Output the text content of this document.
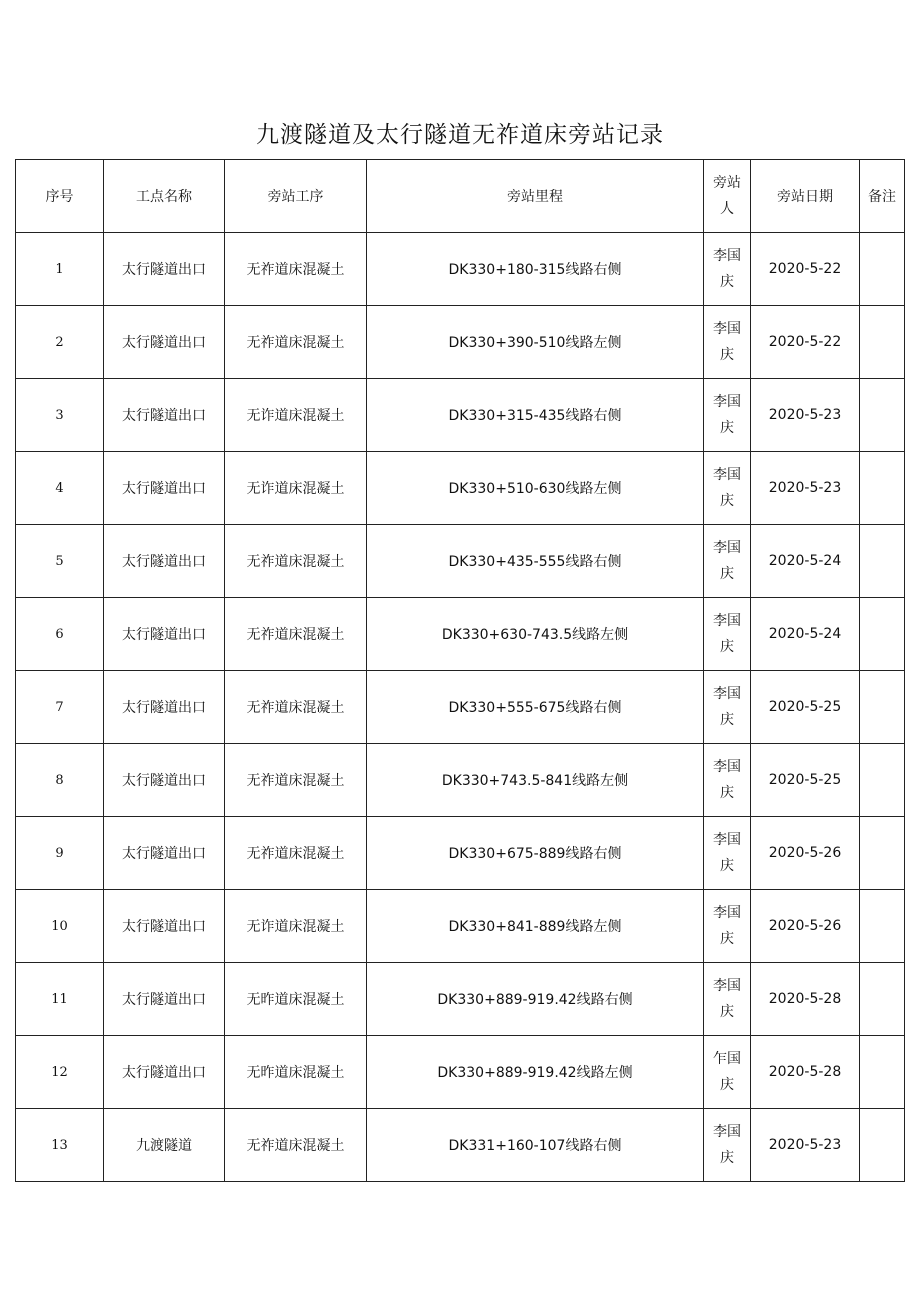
九渡隧道及太行隧道无祚道床旁站记录
序号	工点名称	旁站工序	旁站里程	旁站人	旁站日期	备注
1	太行隧道出口	无祚道床混凝土	DK330+180-315线路右侧	李国庆	2020-5-22	
2	太行隧道出口	无祚道床混凝土	DK330+390-510线路左侧	李国庆	2020-5-22	
3	太行隧道出口	无诈道床混凝土	DK330+315-435线路右侧	李国庆	2020-5-23	
4	太行隧道出口	无诈道床混凝土	DK330+510-630线路左侧	李国庆	2020-5-23	
5	太行隧道出口	无祚道床混凝土	DK330+435-555线路右侧	李国庆	2020-5-24	
6	太行隧道出口	无祚道床混凝土	DK330+630-743.5线路左侧	李国庆	2020-5-24	
7	太行隧道出口	无祚道床混凝土	DK330+555-675线路右侧	李国庆	2020-5-25	
8	太行隧道出口	无祚道床混凝土	DK330+743.5-841线路左侧	李国庆	2020-5-25	
9	太行隧道出口	无祚道床混凝土	DK330+675-889线路右侧	李国庆	2020-5-26	
10	太行隧道出口	无诈道床混凝土	DK330+841-889线路左侧	李国庆	2020-5-26	
11	太行隧道出口	无昨道床混凝土	DK330+889-919.42线路右侧	李国庆	2020-5-28	
12	太行隧道出口	无昨道床混凝土	DK330+889-919.42线路左侧	乍国庆	2020-5-28	
13	九渡隧道	无祚道床混凝土	DK331+160-107线路右侧	李国庆	2020-5-23	
